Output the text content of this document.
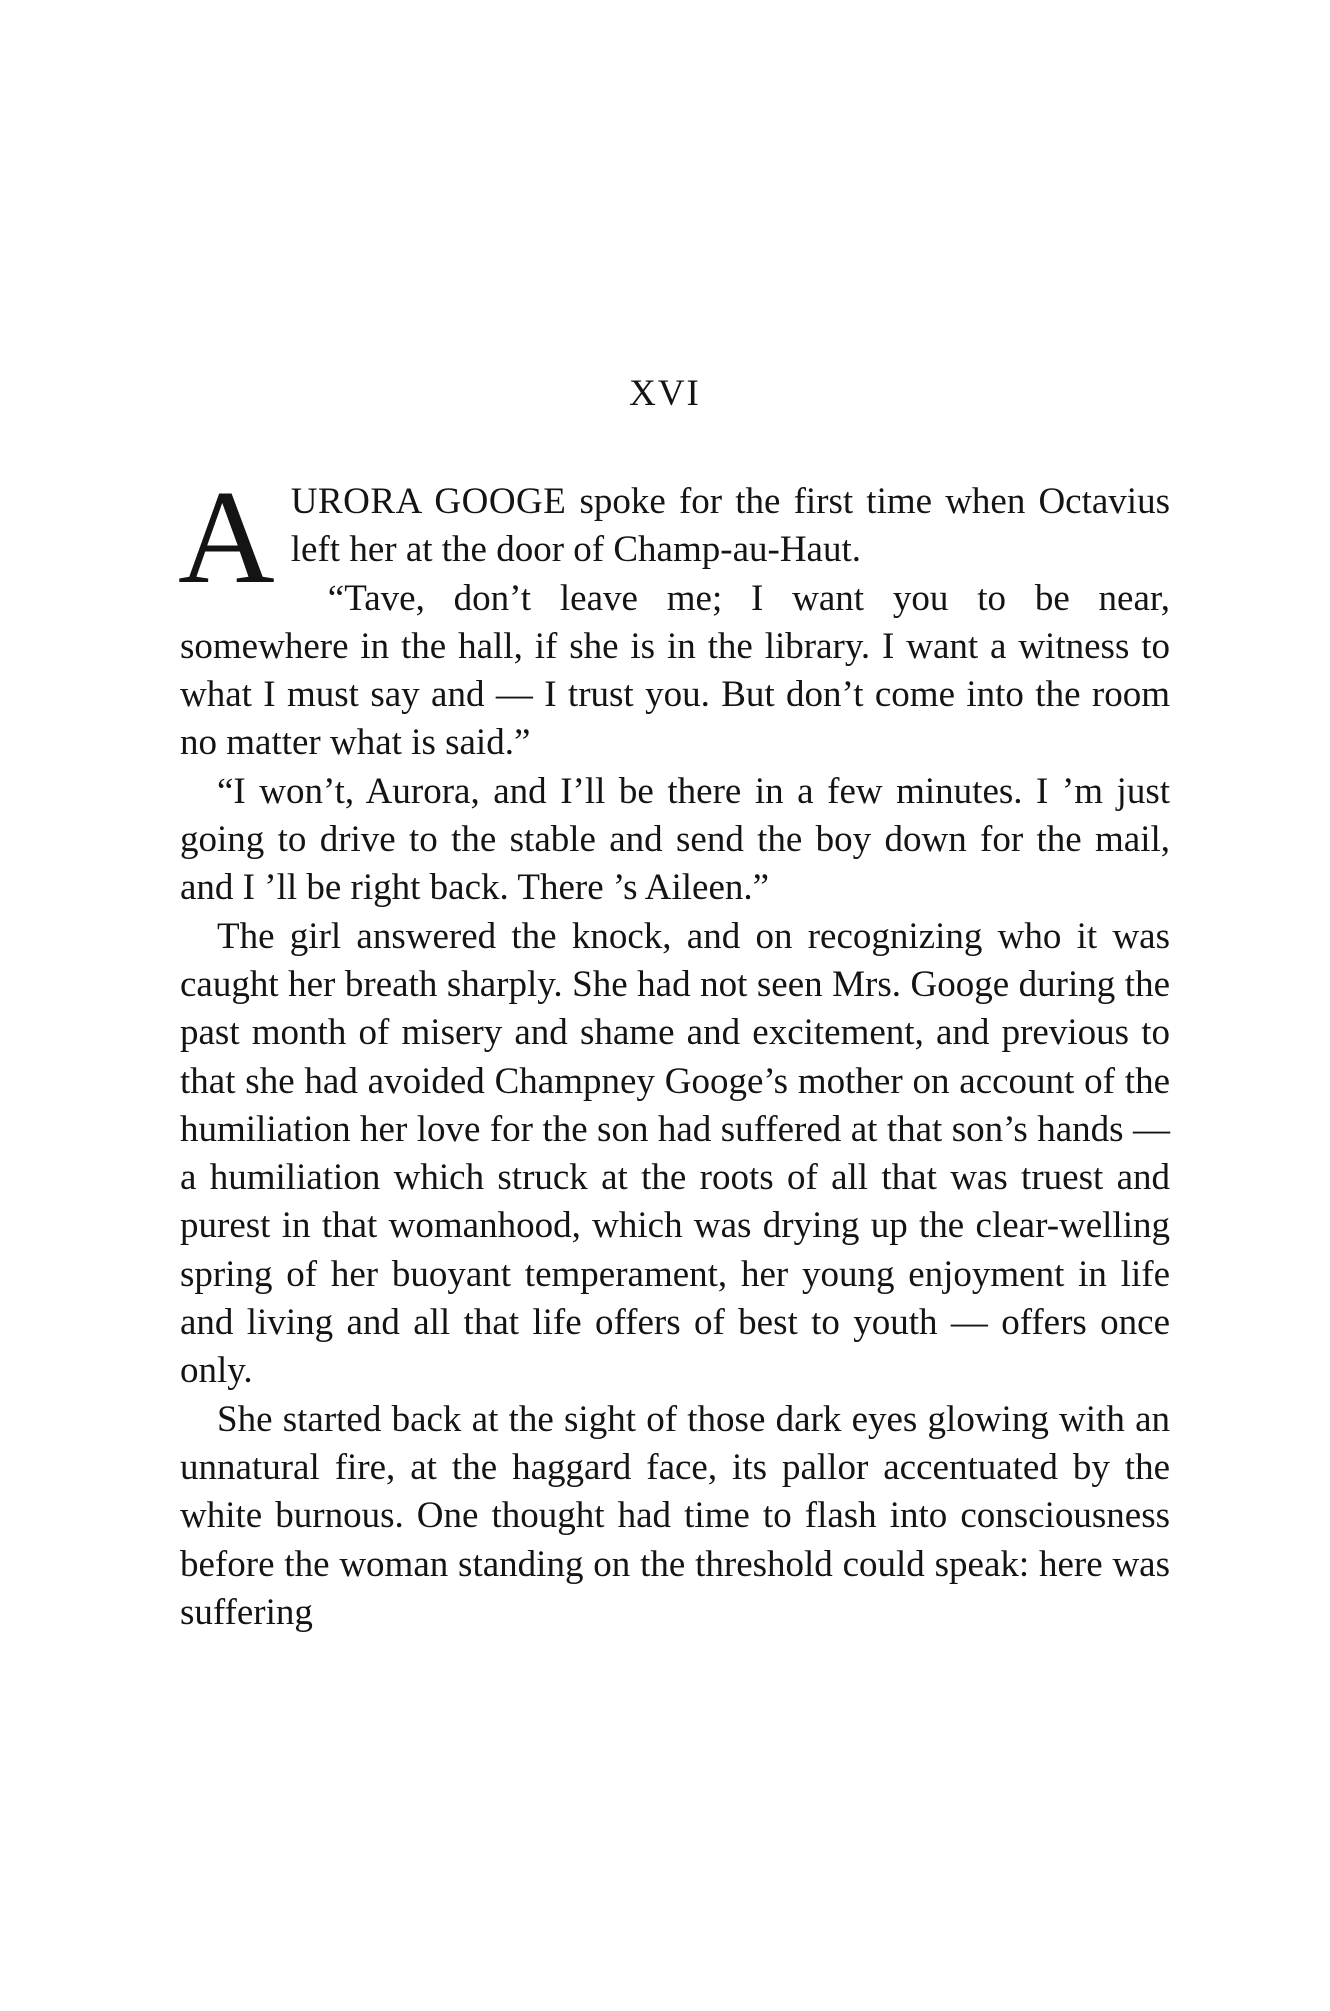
XVI

AURORA GOOGE spoke for the first time when Octavius left her at the door of Champ-au-Haut.

“Tave, don’t leave me; I want you to be near, somewhere in the hall, if she is in the library. I want a witness to what I must say and — I trust you. But don’t come into the room no matter what is said.”

“I won’t, Aurora, and I’ll be there in a few minutes. I ’m just going to drive to the stable and send the boy down for the mail, and I ’ll be right back. There ’s Aileen.”

The girl answered the knock, and on recognizing who it was caught her breath sharply. She had not seen Mrs. Googe during the past month of misery and shame and excitement, and previous to that she had avoided Champney Googe’s mother on account of the humiliation her love for the son had suffered at that son’s hands — a humiliation which struck at the roots of all that was truest and purest in that womanhood, which was drying up the clear-welling spring of her buoyant temperament, her young enjoyment in life and living and all that life offers of best to youth — offers once only.

She started back at the sight of those dark eyes glowing with an unnatural fire, at the haggard face, its pallor accentuated by the white burnous. One thought had time to flash into consciousness before the woman standing on the threshold could speak: here was suffering
